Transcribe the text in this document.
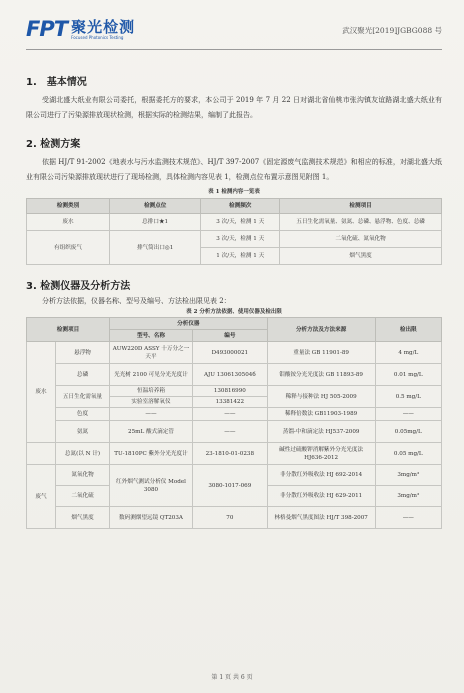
FPT 聚光检测
Focused Photonics Testing
武汉聚光[2019]JGBG088 号
1.　基本情况

受湖北盛大纸业有限公司委托，根据委托方的要求，本公司于 2019 年 7 月 22 日对湖北省仙桃市张沟镇友谊路湖北盛大纸业有限公司进行了污染源排放现状检测，根据实际的检测结果，编制了此报告。

2. 检测方案

依据 HJ/T 91-2002《地表水与污水监测技术规范》、HJ/T 397-2007《固定源废气监测技术规范》和相应的标准，对湖北盛大纸业有限公司污染源排放现状进行了现场检测，具体检测内容见表 1，检测点位布置示意图见附图 1。

表 1 检测内容一览表
检测类别	检测点位	检测频次	检测项目
废水	总排口★1	3 次/天，检测 1 天	五日生化需氧量、氨氮、总磷、悬浮物、色度、总磷
有组织废气	排气筒出口◎1	3 次/天，检测 1 天	二氧化硫、氮氧化物
		1 次/天，检测 1 天	烟气黑度
3. 检测仪器及分析方法

分析方法依据，仪器名称、型号及编号、方法检出限见表 2：

表 2 分析方法依据、使用仪器及检出限
检测项目		分析仪器		分析方法及方法来源	检出限
		型号、名称	编号		
废水	悬浮物	AUW220D ASSY 十万分之一天平	D493000021	重量法 GB 11901-89	4 mg/L
	总磷	光光树 2100 可见分光光度计	AJU 1306130504б	钼酸铵分光光度法 GB 11893-89	0.01 mg/L
	五日生化需氧量	恒温培养箱	130816990	稀释与接种法 HJ 505-2009	0.5 mg/L
		实验室溶解氧仪	13381422		
	色度	——	——	稀释倍数法 GB11903-1989	——
	氨氮	25mL 酸式滴定管	——	蒸馏-中和滴定法 HJ537-2009	0.05mg/L
	总氮(以 N 计)	TU-1810PC 紫外分光光度计	23-1810-01-0238	碱性过硫酸钾消解紫外分光光度法 HJ636-2012	0.05 mg/L
废气	氮氧化物	红外烟气测试分析仪 Model 3080	3080-1017-069	非分散红外吸收法 HJ 692-2014	3mg/m³
	二氧化硫			非分散红外吸收法 HJ 629-2011	3mg/m³
	烟气黑度	数码测烟望远镜 QT203A	70	林格曼烟气黑度图法 HJ/T 398-2007	——
第 1 页 共 6 页
